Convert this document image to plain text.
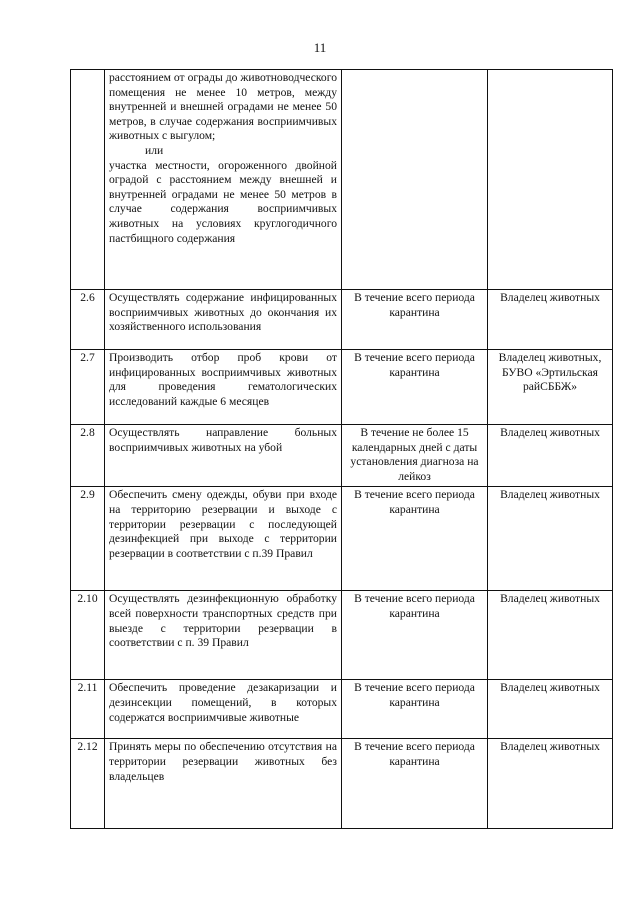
11

	расстоянием от ограды до животноводческого помещения не менее 10 метров, между внутренней и внешней оградами не менее 50 метров, в случае содержания восприимчивых животных с выгулом;
или
участка местности, огороженного двойной оградой с расстоянием между внешней и внутренней оградами не менее 50 метров в случае содержания восприимчивых животных на условиях круглогодичного пастбищного содержания		

2.6	Осуществлять содержание инфицированных восприимчивых животных до окончания их хозяйственного использования	В течение всего периода карантина	Владелец животных
2.7	Производить отбор проб крови от инфицированных восприимчивых животных для проведения гематологических исследований каждые 6 месяцев	В течение всего периода карантина	Владелец животных, БУВО «Эртильская райСББЖ»
2.8	Осуществлять направление больных восприимчивых животных на убой	В течение не более 15 календарных дней с даты установления диагноза на лейкоз	Владелец животных
2.9	Обеспечить смену одежды, обуви при входе на территорию резервации и выходе с территории резервации с последующей дезинфекцией при выходе с территории резервации в соответствии с п.39 Правил	В течение всего периода карантина	Владелец животных
2.10	Осуществлять дезинфекционную обработку всей поверхности транспортных средств при выезде с территории резервации в соответствии с п. 39 Правил	В течение всего периода карантина	Владелец животных
2.11	Обеспечить проведение дезакаризации и дезинсекции помещений, в которых содержатся восприимчивые животные	В течение всего периода карантина	Владелец животных
2.12	Принять меры по обеспечению отсутствия на территории резервации животных без владельцев	В течение всего периода карантина	Владелец животных
